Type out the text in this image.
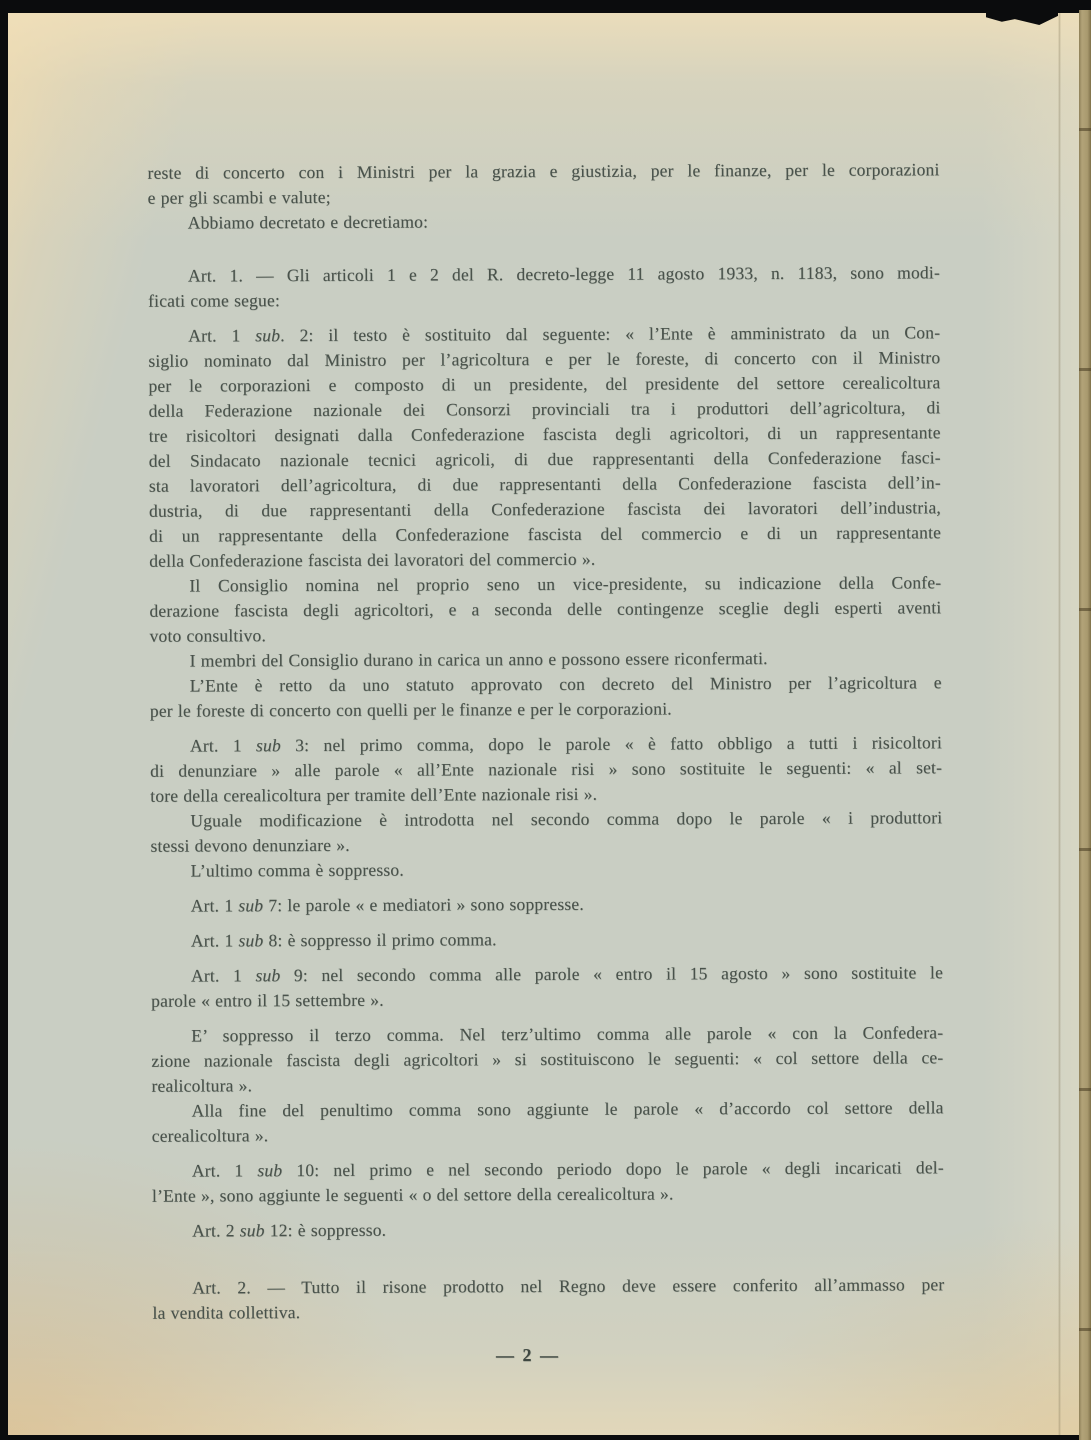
reste di concerto con i Ministri per la grazia e giustizia, per le finanze, per le corporazioni
e per gli scambi e valute;

Abbiamo decretato e decretiamo:

Art. 1. — Gli articoli 1 e 2 del R. decreto-legge 11 agosto 1933, n. 1183, sono modi-
ficati come segue:

Art. 1 sub. 2: il testo è sostituito dal seguente: « l’Ente è amministrato da un Con-
siglio nominato dal Ministro per l’agricoltura e per le foreste, di concerto con il Ministro
per le corporazioni e composto di un presidente, del presidente del settore cerealicoltura
della Federazione nazionale dei Consorzi provinciali tra i produttori dell’agricoltura, di
tre risicoltori designati dalla Confederazione fascista degli agricoltori, di un rappresentante
del Sindacato nazionale tecnici agricoli, di due rappresentanti della Confederazione fasci-
sta lavoratori dell’agricoltura, di due rappresentanti della Confederazione fascista dell’in-
dustria, di due rappresentanti della Confederazione fascista dei lavoratori dell’industria,
di un rappresentante della Confederazione fascista del commercio e di un rappresentante
della Confederazione fascista dei lavoratori del commercio ».

Il Consiglio nomina nel proprio seno un vice-presidente, su indicazione della Confe-
derazione fascista degli agricoltori, e a seconda delle contingenze sceglie degli esperti aventi
voto consultivo.

I membri del Consiglio durano in carica un anno e possono essere riconfermati.

L’Ente è retto da uno statuto approvato con decreto del Ministro per l’agricoltura e
per le foreste di concerto con quelli per le finanze e per le corporazioni.

Art. 1 sub 3: nel primo comma, dopo le parole « è fatto obbligo a tutti i risicoltori
di denunziare » alle parole « all’Ente nazionale risi » sono sostituite le seguenti: « al set-
tore della cerealicoltura per tramite dell’Ente nazionale risi ».

Uguale modificazione è introdotta nel secondo comma dopo le parole « i produttori
stessi devono denunziare ».

L’ultimo comma è soppresso.

Art. 1 sub 7: le parole « e mediatori » sono soppresse.

Art. 1 sub 8: è soppresso il primo comma.

Art. 1 sub 9: nel secondo comma alle parole « entro il 15 agosto » sono sostituite le
parole « entro il 15 settembre ».

E’ soppresso il terzo comma. Nel terz’ultimo comma alle parole « con la Confedera-
zione nazionale fascista degli agricoltori » si sostituiscono le seguenti: « col settore della ce-
realicoltura ».

Alla fine del penultimo comma sono aggiunte le parole « d’accordo col settore della
cerealicoltura ».

Art. 1 sub 10: nel primo e nel secondo periodo dopo le parole « degli incaricati del-
l’Ente », sono aggiunte le seguenti « o del settore della cerealicoltura ».

Art. 2 sub 12: è soppresso.

Art. 2. — Tutto il risone prodotto nel Regno deve essere conferito all’ammasso per
la vendita collettiva.

— 2 —
